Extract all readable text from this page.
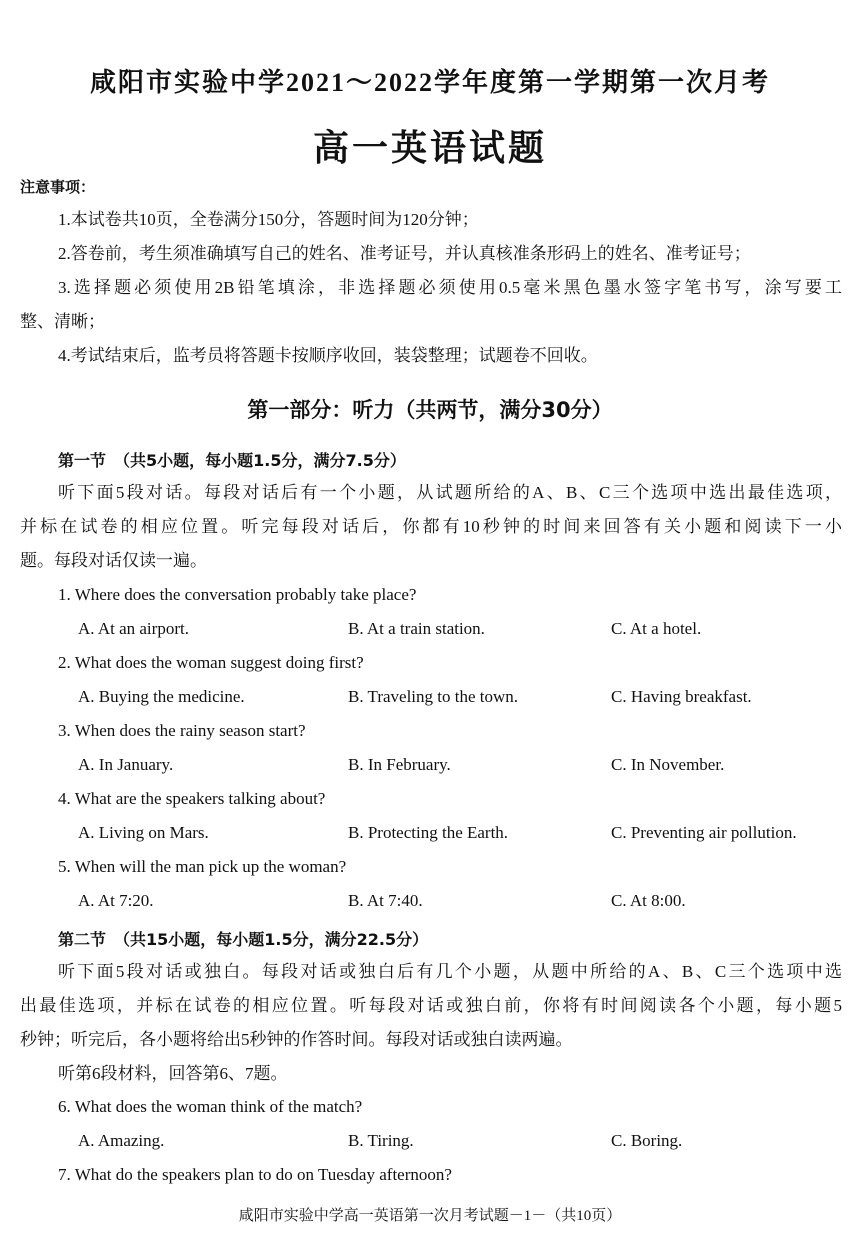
咸阳市实验中学2021～2022学年度第一学期第一次月考
高一英语试题
注意事项：
1.本试卷共10页，全卷满分150分，答题时间为120分钟；
2.答卷前，考生须准确填写自己的姓名、准考证号，并认真核准条形码上的姓名、准考证号；
3.选择题必须使用2B铅笔填涂，非选择题必须使用0.5毫米黑色墨水签字笔书写，涂写要工
整、清晰；
4.考试结束后，监考员将答题卡按顺序收回，装袋整理；试题卷不回收。
第一部分：听力（共两节，满分30分）
第一节　（共5小题，每小题1.5分，满分7.5分）
听下面5段对话。每段对话后有一个小题，从试题所给的A、B、C三个选项中选出最佳选项，
并标在试卷的相应位置。听完每段对话后，你都有10秒钟的时间来回答有关小题和阅读下一小
题。每段对话仅读一遍。
1. Where does the conversation probably take place?
A. At an airport.	B. At a train station.	C. At a hotel.
2. What does the woman suggest doing first?
A. Buying the medicine.	B. Traveling to the town.	C. Having breakfast.
3. When does the rainy season start?
A. In January.	B. In February.	C. In November.
4. What are the speakers talking about?
A. Living on Mars.	B. Protecting the Earth.	C. Preventing air pollution.
5. When will the man pick up the woman?
A. At 7:20.	B. At 7:40.	C. At 8:00.
第二节　（共15小题，每小题1.5分，满分22.5分）
听下面5段对话或独白。每段对话或独白后有几个小题，从题中所给的A、B、C三个选项中选
出最佳选项，并标在试卷的相应位置。听每段对话或独白前，你将有时间阅读各个小题，每小题5
秒钟；听完后，各小题将给出5秒钟的作答时间。每段对话或独白读两遍。
听第6段材料，回答第6、7题。
6. What does the woman think of the match?
A. Amazing.	B. Tiring.	C. Boring.
7. What do the speakers plan to do on Tuesday afternoon?
咸阳市实验中学高一英语第一次月考试题－1－（共10页）
